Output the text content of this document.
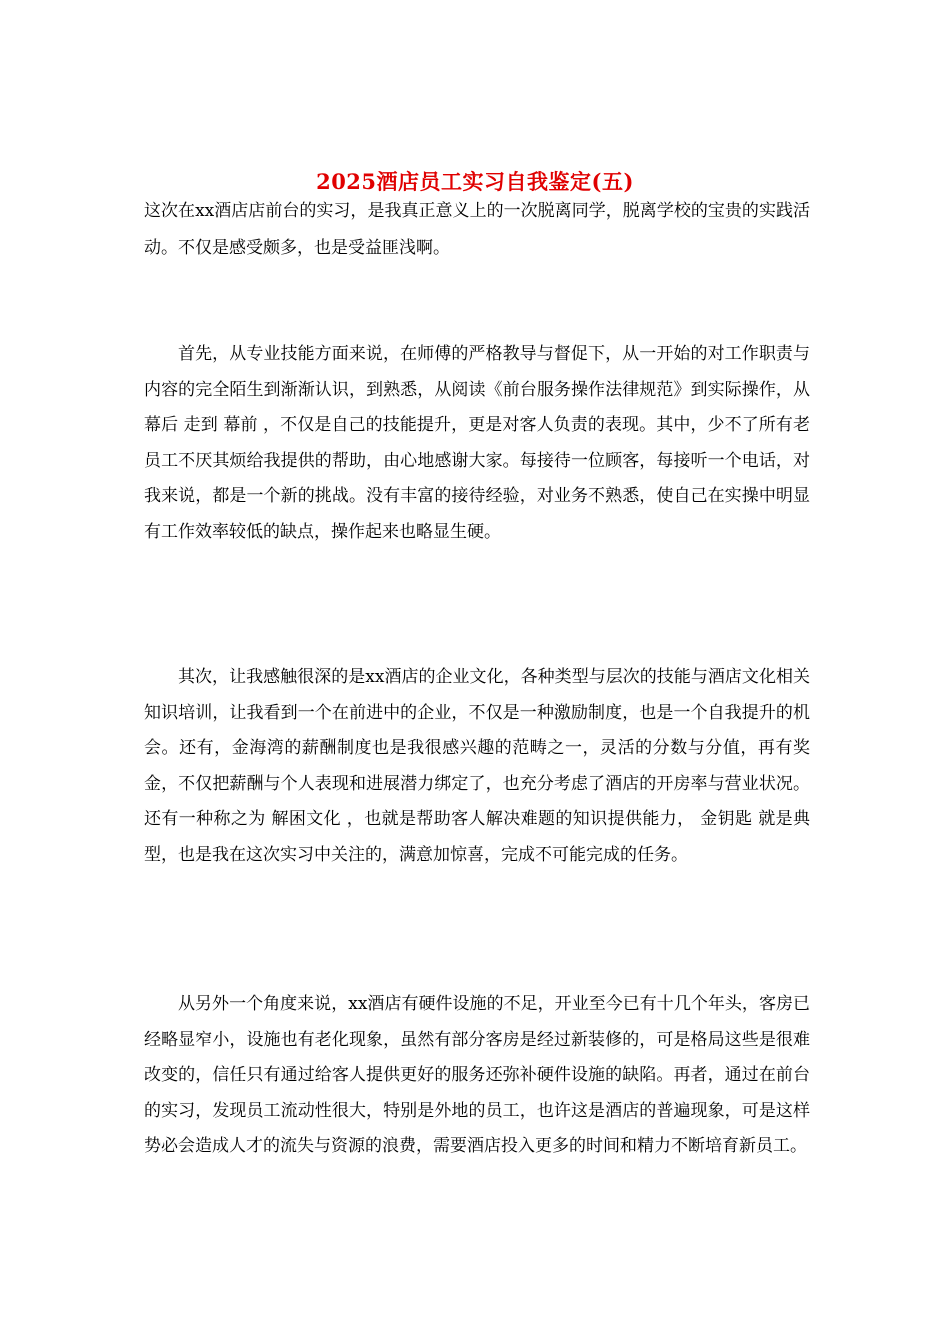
2025酒店员工实习自我鉴定(五)

这次在xx酒店店前台的实习，是我真正意义上的一次脱离同学，脱离学校的宝贵的实践活动。不仅是感受颇多，也是受益匪浅啊。

首先，从专业技能方面来说，在师傅的严格教导与督促下，从一开始的对工作职责与内容的完全陌生到渐渐认识，到熟悉，从阅读《前台服务操作法律规范》到实际操作，从 幕后 走到 幕前 ，不仅是自己的技能提升，更是对客人负责的表现。其中，少不了所有老员工不厌其烦给我提供的帮助，由心地感谢大家。每接待一位顾客，每接听一个电话，对我来说，都是一个新的挑战。没有丰富的接待经验，对业务不熟悉，使自己在实操中明显有工作效率较低的缺点，操作起来也略显生硬。

其次，让我感触很深的是xx酒店的企业文化，各种类型与层次的技能与酒店文化相关知识培训，让我看到一个在前进中的企业，不仅是一种激励制度，也是一个自我提升的机会。还有，金海湾的薪酬制度也是我很感兴趣的范畴之一，灵活的分数与分值，再有奖金，不仅把薪酬与个人表现和进展潜力绑定了，也充分考虑了酒店的开房率与营业状况。还有一种称之为 解困文化 ，也就是帮助客人解决难题的知识提供能力， 金钥匙 就是典型，也是我在这次实习中关注的，满意加惊喜，完成不可能完成的任务。

从另外一个角度来说，xx酒店有硬件设施的不足，开业至今已有十几个年头，客房已经略显窄小，设施也有老化现象，虽然有部分客房是经过新装修的，可是格局这些是很难改变的，信任只有通过给客人提供更好的服务还弥补硬件设施的缺陷。再者，通过在前台的实习，发现员工流动性很大，特别是外地的员工，也许这是酒店的普遍现象，可是这样势必会造成人才的流失与资源的浪费，需要酒店投入更多的时间和精力不断培育新员工。
